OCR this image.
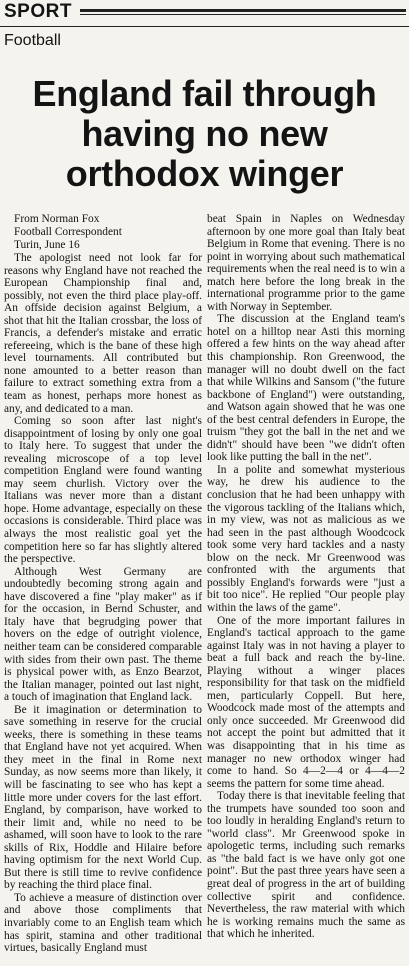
SPORT
Football
England fail through
having no new
orthodox winger

From Norman Fox
Football Correspondent
Turin, June 16

The apologist need not look far for reasons why England have not reached the European Championship final and, possibly, not even the third place play-off. An offside decision against Belgium, a shot that hit the Italian crossbar, the loss of Francis, a defender's mistake and erratic refereeing, which is the bane of these high level tournaments. All contributed but none amounted to a better reason than failure to extract something extra from a team as honest, perhaps more honest as any, and dedicated to a man.

Coming so soon after last night's disappointment of losing by only one goal to Italy here. To suggest that under the revealing microscope of a top level competition England were found wanting may seem churlish. Victory over the Italians was never more than a distant hope. Home advantage, especially on these occasions is considerable. Third place was always the most realistic goal yet the competition here so far has slightly altered the perspective.

Although West Germany are undoubtedly becoming strong again and have discovered a fine "play maker" as if for the occasion, in Bernd Schuster, and Italy have that begrudging power that hovers on the edge of outright violence, neither team can be considered comparable with sides from their own past. The theme is physical power with, as Enzo Bearzot, the Italian manager, pointed out last night, a touch of imagination that England lack.

Be it imagination or determination to save something in reserve for the crucial weeks, there is something in these teams that England have not yet acquired. When they meet in the final in Rome next Sunday, as now seems more than likely, it will be fascinating to see who has kept a little more under covers for the last effort. England, by comparison, have worked to their limit and, while no need to be ashamed, will soon have to look to the rare skills of Rix, Hoddle and Hilaire before having optimism for the next World Cup. But there is still time to revive confidence by reaching the third place final.

To achieve a measure of distinction over and above those compliments that invariably come to an English team which has spirit, stamina and other traditional virtues, basically England must

beat Spain in Naples on Wednesday afternoon by one more goal than Italy beat Belgium in Rome that evening. There is no point in worrying about such mathematical requirements when the real need is to win a match here before the long break in the international programme prior to the game with Norway in September.

The discussion at the England team's hotel on a hilltop near Asti this morning offered a few hints on the way ahead after this championship. Ron Greenwood, the manager will no doubt dwell on the fact that while Wilkins and Sansom ("the future backbone of England") were outstanding, and Watson again showed that he was one of the best central defenders in Europe, the truism "they got the ball in the net and we didn't" should have been "we didn't often look like putting the ball in the net".

In a polite and somewhat mysterious way, he drew his audience to the conclusion that he had been unhappy with the vigorous tackling of the Italians which, in my view, was not as malicious as we had seen in the past although Woodcock took some very hard tackles and a nasty blow on the neck. Mr Greenwood was confronted with the arguments that possibly England's forwards were "just a bit too nice". He replied "Our people play within the laws of the game".

One of the more important failures in England's tactical approach to the game against Italy was in not having a player to beat a full back and reach the by-line. Playing without a winger places responsibility for that task on the midfield men, particularly Coppell. But here, Woodcock made most of the attempts and only once succeeded. Mr Greenwood did not accept the point but admitted that it was disappointing that in his time as manager no new orthodox winger had come to hand. So 4—2—4 or 4—4—2 seems the pattern for some time ahead.

Today there is that inevitable feeling that the trumpets have sounded too soon and too loudly in heralding England's return to "world class". Mr Greenwood spoke in apologetic terms, including such remarks as "the bald fact is we have only got one point". But the past three years have seen a great deal of progress in the art of building collective spirit and confidence. Nevertheless, the raw material with which he is working remains much the same as that which he inherited.
